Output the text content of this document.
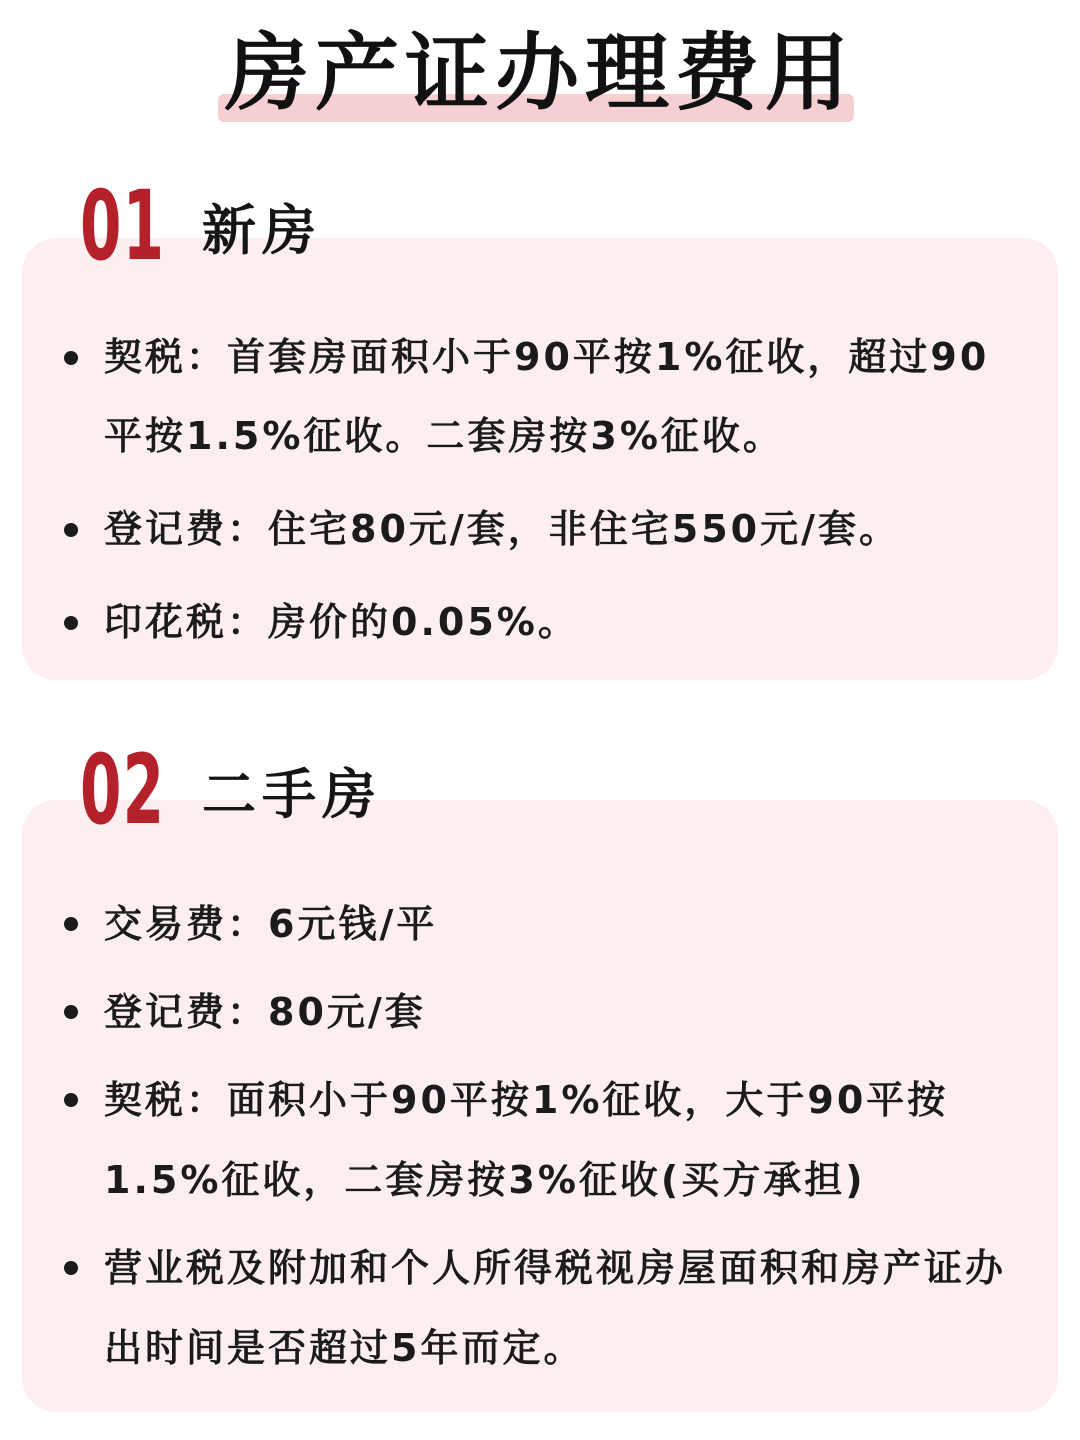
房产证办理费用
01 新房
契税：首套房面积小于90平按1%征收，超过90平按1.5%征收。二套房按3%征收。
登记费：住宅80元/套，非住宅550元/套。
印花税：房价的0.05%。
02 二手房
交易费：6元钱/平
登记费：80元/套
契税：面积小于90平按1%征收，大于90平按1.5%征收，二套房按3%征收(买方承担)
营业税及附加和个人所得税视房屋面积和房产证办出时间是否超过5年而定。
